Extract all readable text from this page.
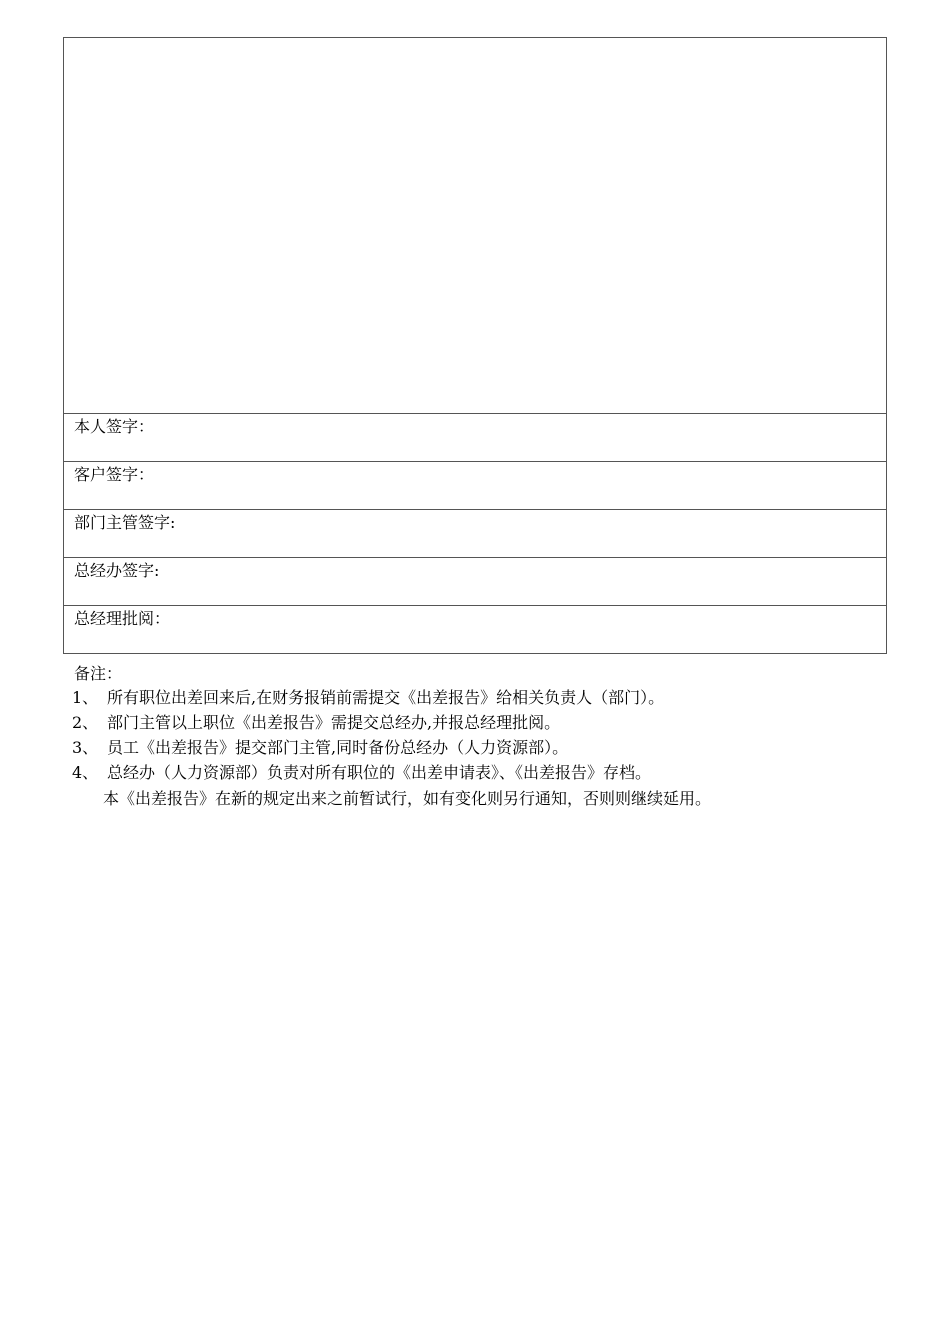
本人签字：
客户签字：
部门主管签字:
总经办签字:
总经理批阅：
备注：
1、 所有职位出差回来后,在财务报销前需提交《出差报告》给相关负责人（部门）。
2、 部门主管以上职位《出差报告》需提交总经办,并报总经理批阅。
3、 员工《出差报告》提交部门主管,同时备份总经办（人力资源部）。
4、 总经办（人力资源部）负责对所有职位的《出差申请表》、《出差报告》存档。
本《出差报告》在新的规定出来之前暂试行，如有变化则另行通知，否则则继续延用。
